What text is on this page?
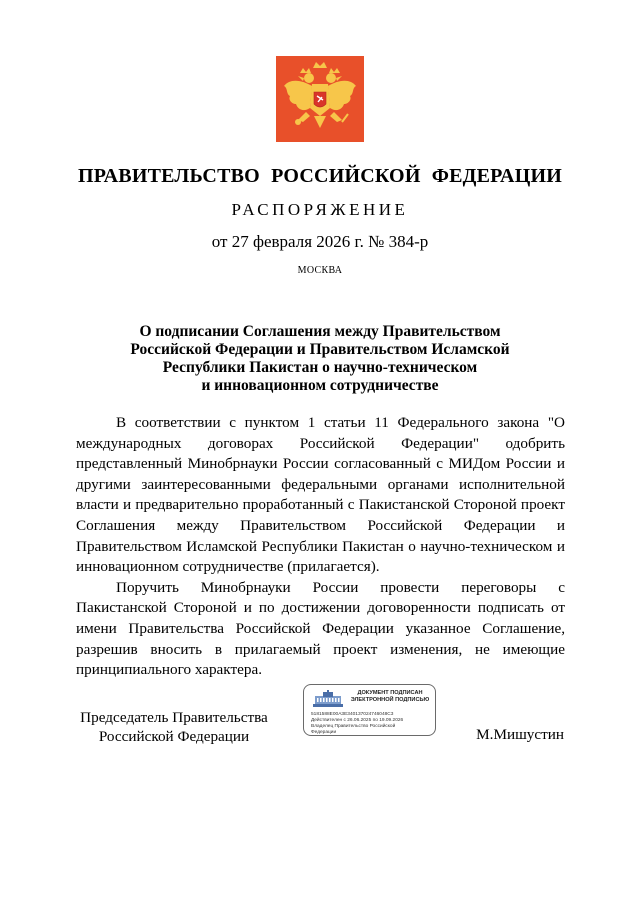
ПРАВИТЕЛЬСТВО РОССИЙСКОЙ ФЕДЕРАЦИИ
РАСПОРЯЖЕНИЕ
от 27 февраля 2026 г. № 384-р
МОСКВА
О подписании Соглашения между Правительством
Российской Федерации и Правительством Исламской
Республики Пакистан о научно-техническом
и инновационном сотрудничестве

В соответствии с пунктом 1 статьи 11 Федерального закона "О международных договорах Российской Федерации" одобрить представленный Минобрнауки России согласованный с МИДом России и другими заинтересованными федеральными органами исполнительной власти и предварительно проработанный с Пакистанской Стороной проект Соглашения между Правительством Российской Федерации и Правительством Исламской Республики Пакистан о научно-техническом и инновационном сотрудничестве (прилагается).

Поручить Минобрнауки России провести переговоры с Пакистанской Стороной и по достижении договоренности подписать от имени Правительства Российской Федерации указанное Соглашение, разрешив вносить в прилагаемый проект изменения, не имеющие принципиального характера.

Председатель Правительства
Российской Федерации
ДОКУМЕНТ ПОДПИСАН
ЭЛЕКТРОННОЙ ПОДПИСЬЮ
5181588E00A3E340137024746048C3
Действителен с 26.06.2025 по 19.09.2026
Владелец Правительство Российской
Федерации	М.Мишустин
